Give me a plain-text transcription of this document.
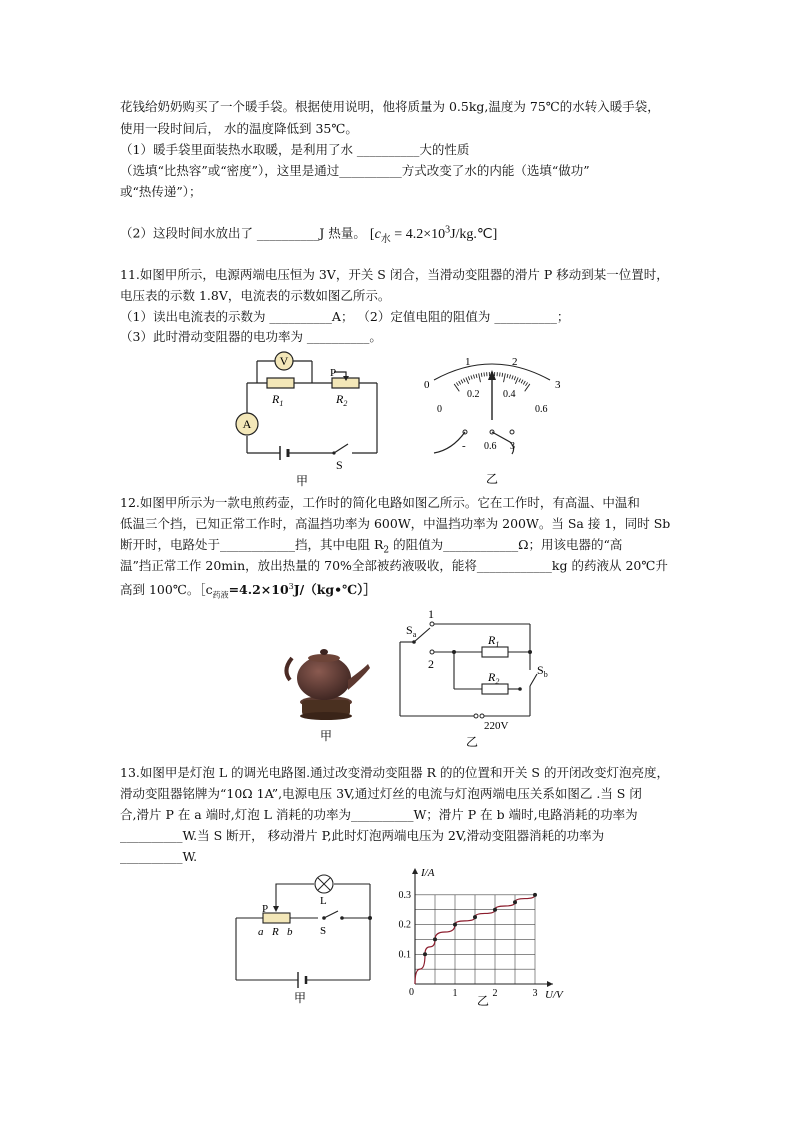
花钱给奶奶购买了一个暖手袋。根据使用说明，他将质量为 0.5kg,温度为 75℃的水转入暖手袋，
使用一段时间后， 水的温度降低到 35℃。
（1）暖手袋里面装热水取暖，是利用了水 __________大的性质
（选填“比热容”或“密度”），这里是通过__________方式改变了水的内能（选填“做功”
或“热传递”）；
（2）这段时间水放出了 __________J 热量。 [$c_水$ = $4.2\times 10^3J/kg.℃$]
11.如图甲所示，电源两端电压恒为 3V，开关 S 闭合，当滑动变阻器的滑片 P 移动到某一位置时，
电压表的示数 1.8V，电流表的示数如图乙所示。
（1）读出电流表的示数为 __________A； （2）定值电阻的阻值为 __________；
（3）此时滑动变阻器的电功率为 __________。
V
A
$R_1$	$R_2$
P
S
甲
0
1	2
3
0
0.2 0.4
0.6
- 0.6 3
乙
12.如图甲所示为一款电煎药壶，工作时的简化电路如图乙所示。它在工作时，有高温、中温和
低温三个挡，已知正常工作时，高温挡功率为 600W，中温挡功率为 200W。当 Sa 接 1，同时 Sb
断开时，电路处于____________挡，其中电阻 $R_2$ 的阻值为____________Ω；用该电器的“高
温”挡正常工作 20min，放出热量的 70%全部被药液吸收，能将____________kg 的药液从 20℃升
高到 100℃。$[c_{药液}=4.2\times 10^3J/(kg•℃)]$
甲
1
2
$S_a$
$S_b$
$R_1$
$R_2$
220V
乙
13.如图甲是灯泡 L 的调光电路图.通过改变滑动变阻器 R 的的位置和开关 S 的开闭改变灯泡亮度，
滑动变阻器铭牌为“10Ω 1A”,电源电压 3V,通过灯丝的电流与灯泡两端电压关系如图乙 .当 S 闭
合,滑片 P 在 a 端时,灯泡 L 消耗的功率为__________W；滑片 P 在 b 端时,电路消耗的功率为
__________W.当 S 断开， 移动滑片 P,此时灯泡两端电压为 2V,滑动变阻器消耗的功率为
__________W.
P
L
a R b	S
甲	1	2	3
0.1
0.2
0.3
0
I/A
U/V
乙
